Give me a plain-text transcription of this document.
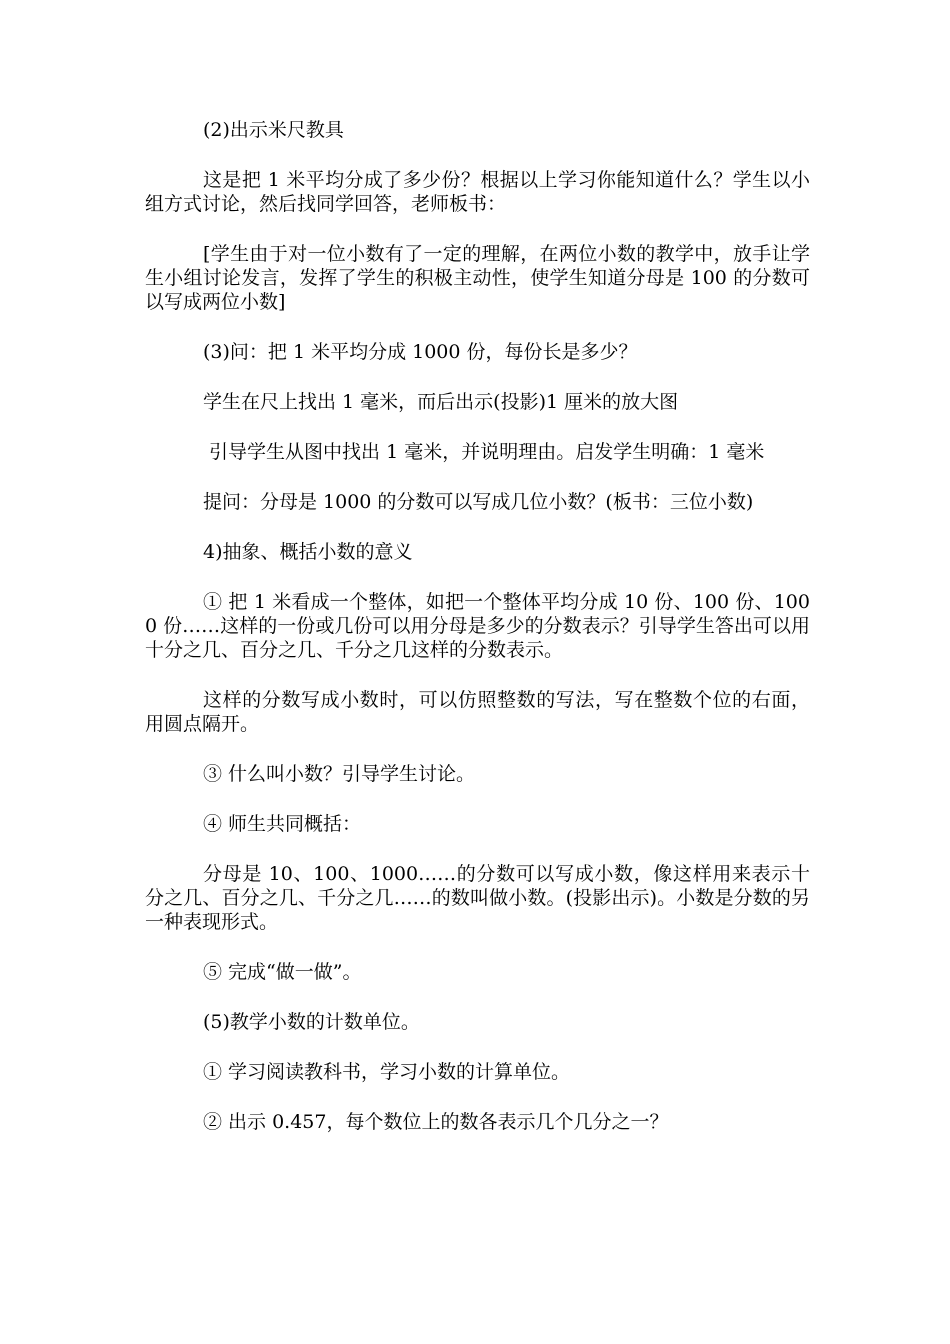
(2)出示米尺教具

这是把 1 米平均分成了多少份？根据以上学习你能知道什么？学生以小组方式讨论，然后找同学回答，老师板书：

[学生由于对一位小数有了一定的理解，在两位小数的教学中，放手让学生小组讨论发言，发挥了学生的积极主动性，使学生知道分母是 100 的分数可以写成两位小数]

(3)问：把 1 米平均分成 1000 份，每份长是多少？

学生在尺上找出 1 毫米，而后出示(投影)1 厘米的放大图

引导学生从图中找出 1 毫米，并说明理由。启发学生明确：1 毫米

提问：分母是 1000 的分数可以写成几位小数？(板书：三位小数)

4)抽象、概括小数的意义

① 把 1 米看成一个整体，如把一个整体平均分成 10 份、100 份、1000 份……这样的一份或几份可以用分母是多少的分数表示？引导学生答出可以用十分之几、百分之几、千分之几这样的分数表示。

这样的分数写成小数时，可以仿照整数的写法，写在整数个位的右面，用圆点隔开。

③ 什么叫小数？引导学生讨论。

④ 师生共同概括：

分母是 10、100、1000……的分数可以写成小数，像这样用来表示十分之几、百分之几、千分之几……的数叫做小数。(投影出示)。小数是分数的另一种表现形式。

⑤ 完成“做一做”。

(5)教学小数的计数单位。

① 学习阅读教科书，学习小数的计算单位。

② 出示 0.457，每个数位上的数各表示几个几分之一？
